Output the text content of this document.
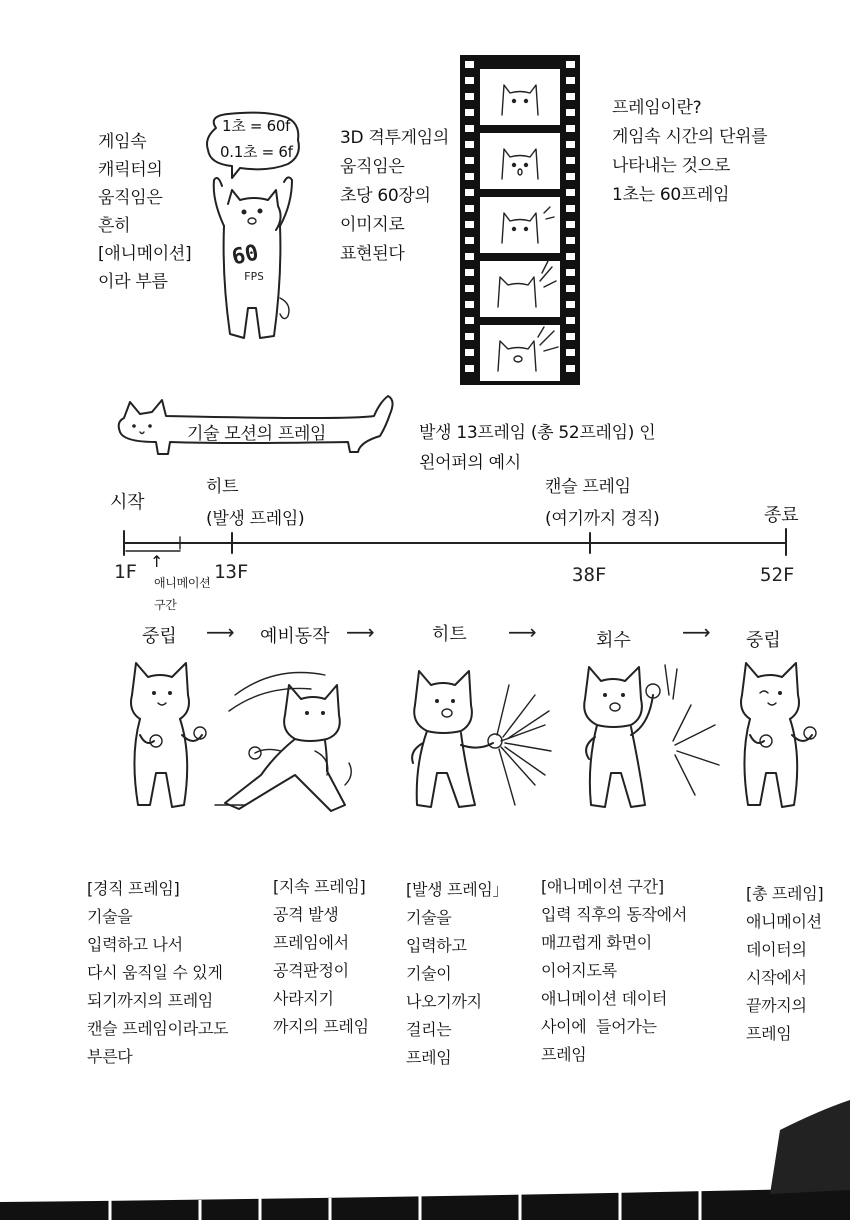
게임속
캐릭터의
움직임은
흔히
[애니메이션]
이라 부름
1초 = 60f
0.1초 = 6f
60
FPS
3D 격투게임의
움직임은
초당 60장의
이미지로
표현된다
프레임이란?
게임속 시간의 단위를
나타내는 것으로
1초는 60프레임
기술 모션의 프레임	발생 13프레임 (총 52프레임) 인
왼어퍼의 예시
시작
히트
(발생 프레임)
캔슬 프레임
(여기까지 경직)	종료
1F	13F	38F	52F
↑
애니메이션
구간
중립 ⟶ 예비동작 ⟶	히트 ⟶	회수	⟶ 중립
[경직 프레임]
기술을
입력하고 나서
다시 움직일 수 있게
되기까지의 프레임
캔슬 프레임이라고도
부른다
[지속 프레임]
공격 발생
프레임에서
공격판정이
사라지기
까지의 프레임
[발생 프레임」
기술을
입력하고
기술이
나오기까지
걸리는
프레임
[애니메이션 구간]
입력 직후의 동작에서
매끄럽게 화면이
이어지도록
애니메이션 데이터
사이에  들어가는
프레임
[총 프레임]
애니메이션
데이터의
시작에서
끝까지의
프레임
